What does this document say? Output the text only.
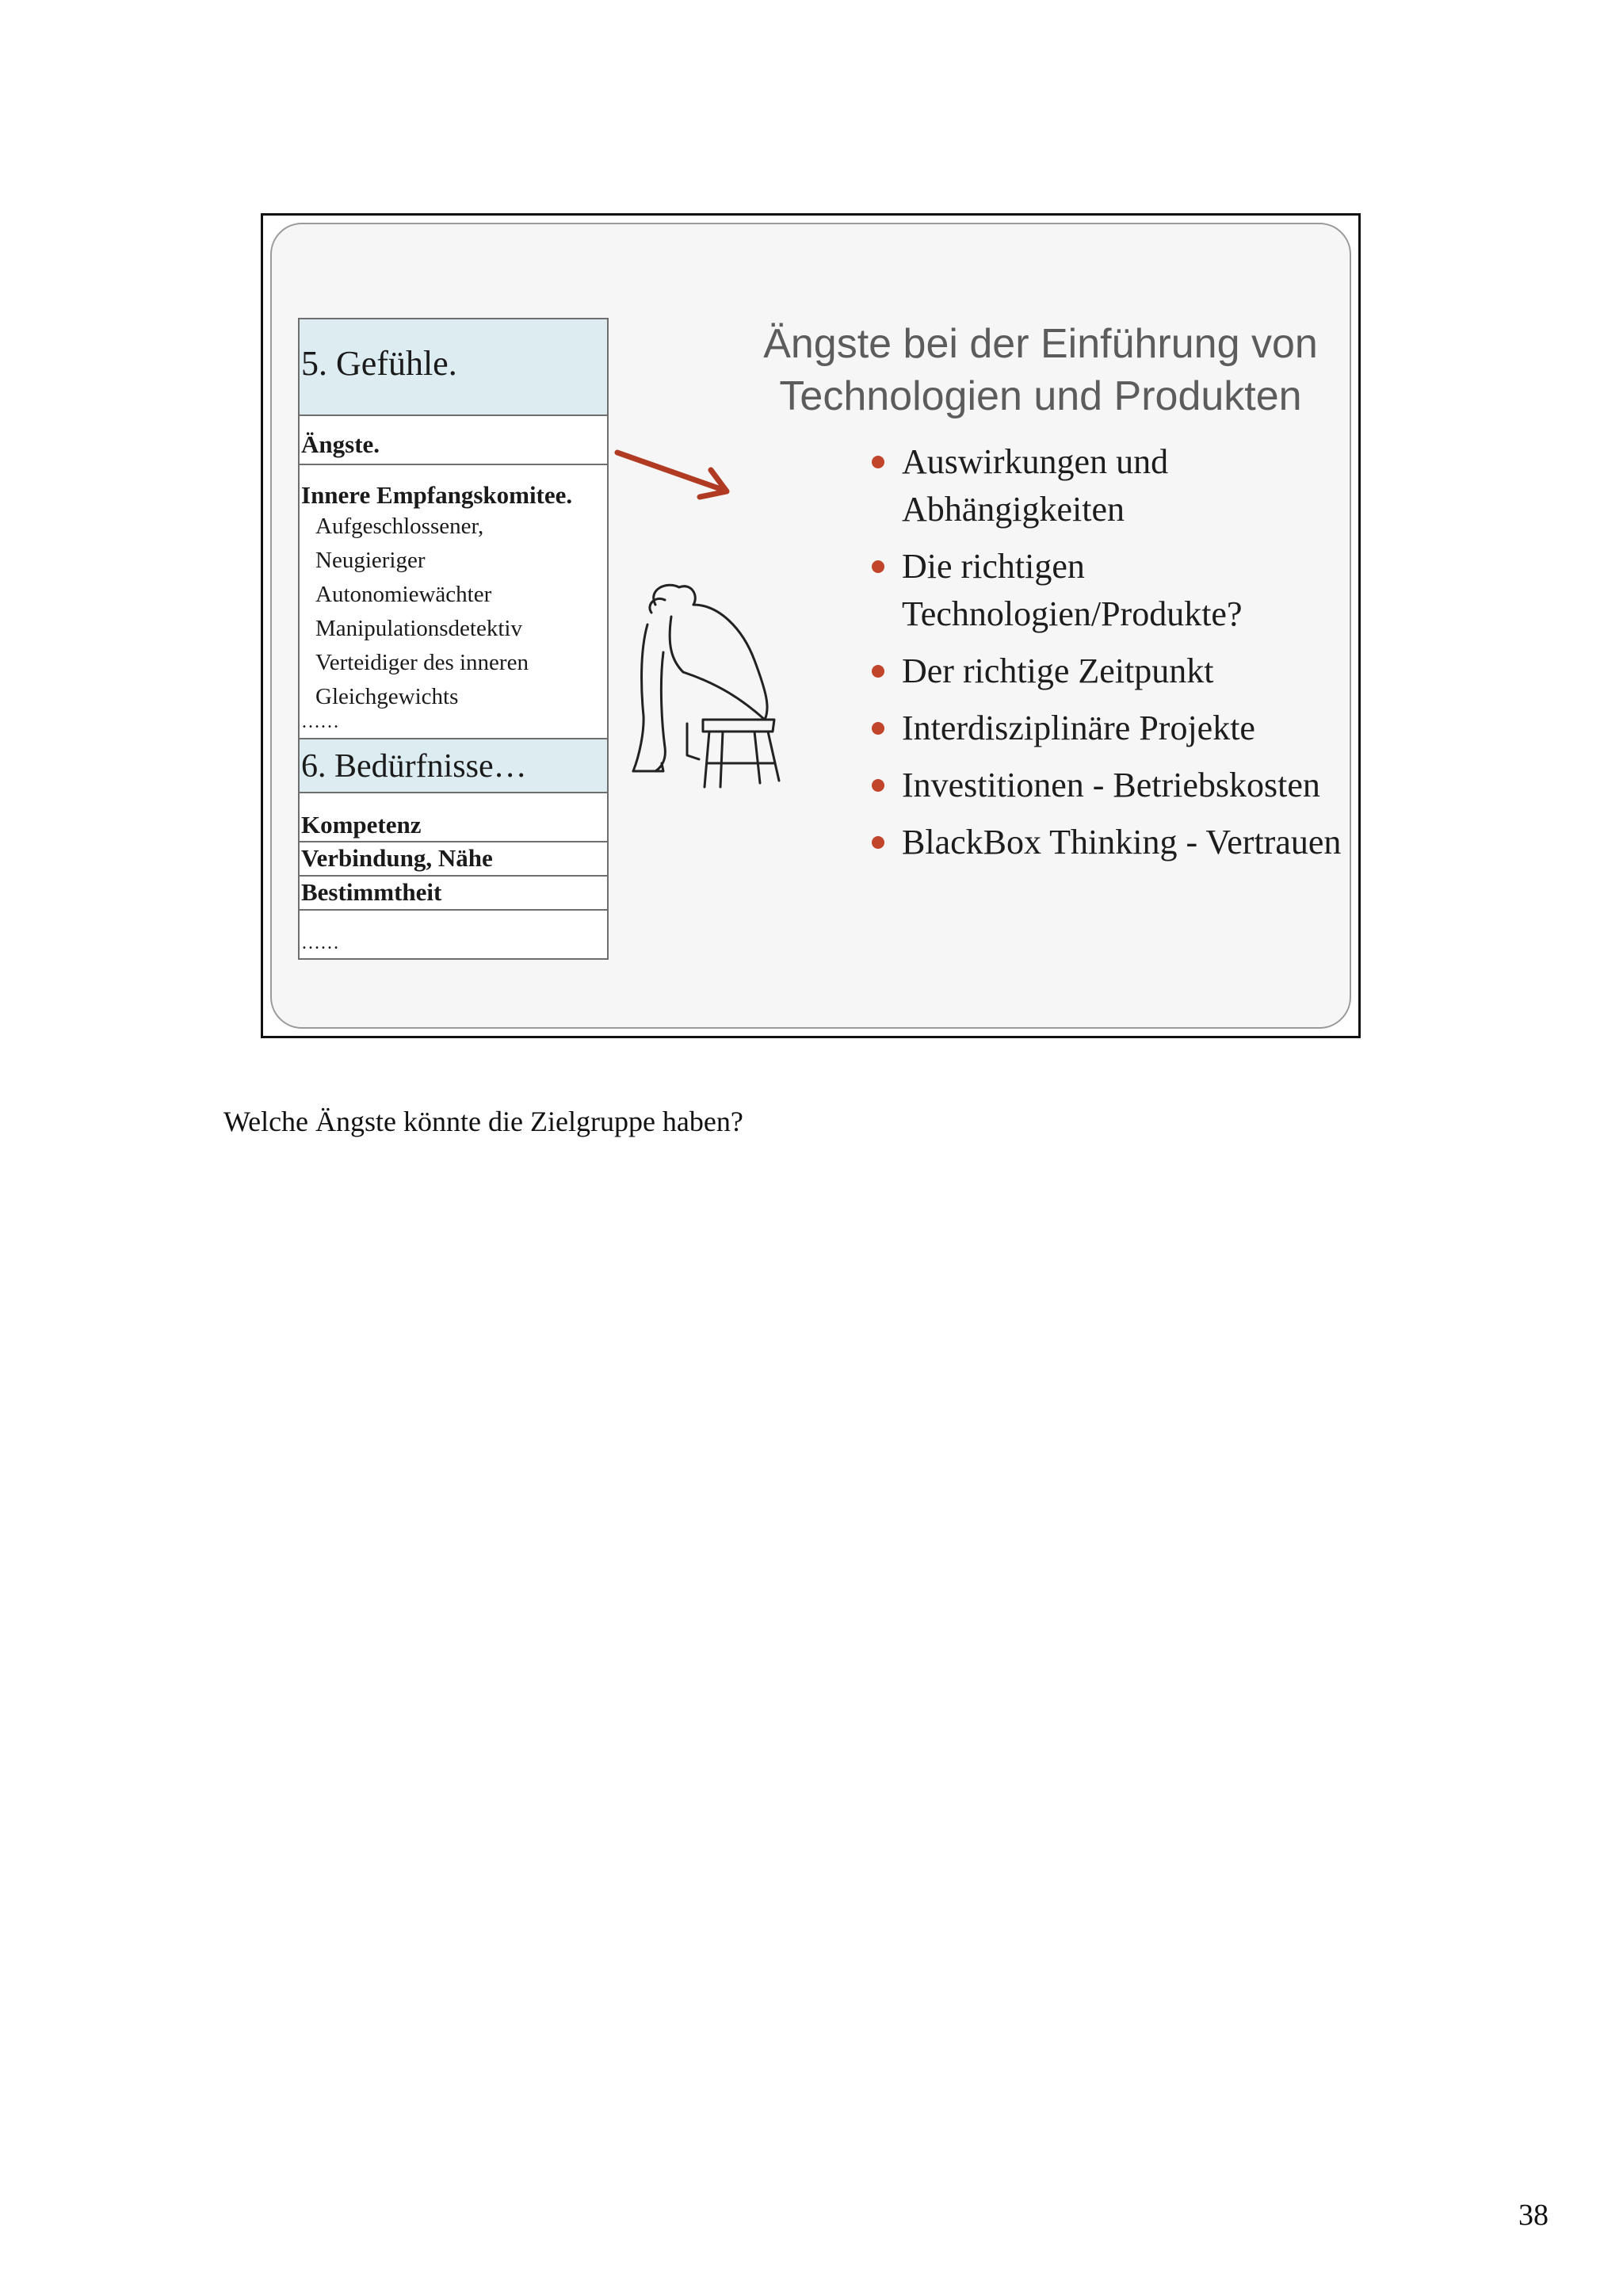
5. Gefühle.
Ängste.
Innere Empfangskomitee.
Aufgeschlossener,
Neugieriger
Autonomiewächter
Manipulationsdetektiv
Verteidiger des inneren
Gleichgewichts
……
6. Bedürfnisse…
Kompetenz
Verbindung, Nähe
Bestimmtheit
……
Ängste bei der Einführung von
Technologien und Produkten
Auswirkungen und Abhängigkeiten
Die richtigen Technologien/Produkte?
Der richtige Zeitpunkt
Interdisziplinäre Projekte
Investitionen - Betriebskosten
BlackBox Thinking - Vertrauen
Welche Ängste könnte die Zielgruppe haben?
38
